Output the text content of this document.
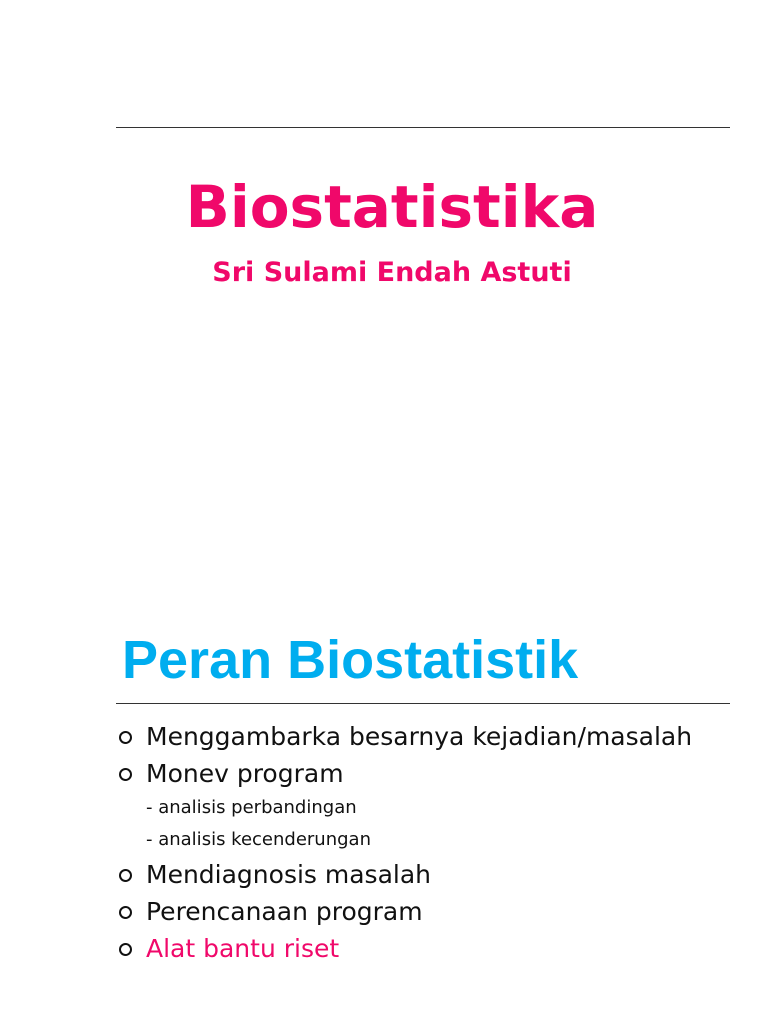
Biostatistika
Sri Sulami Endah Astuti
Peran Biostatistik
Menggambarka besarnya kejadian/masalah
Monev program
- analisis perbandingan
- analisis kecenderungan
Mendiagnosis masalah
Perencanaan program
Alat bantu riset
